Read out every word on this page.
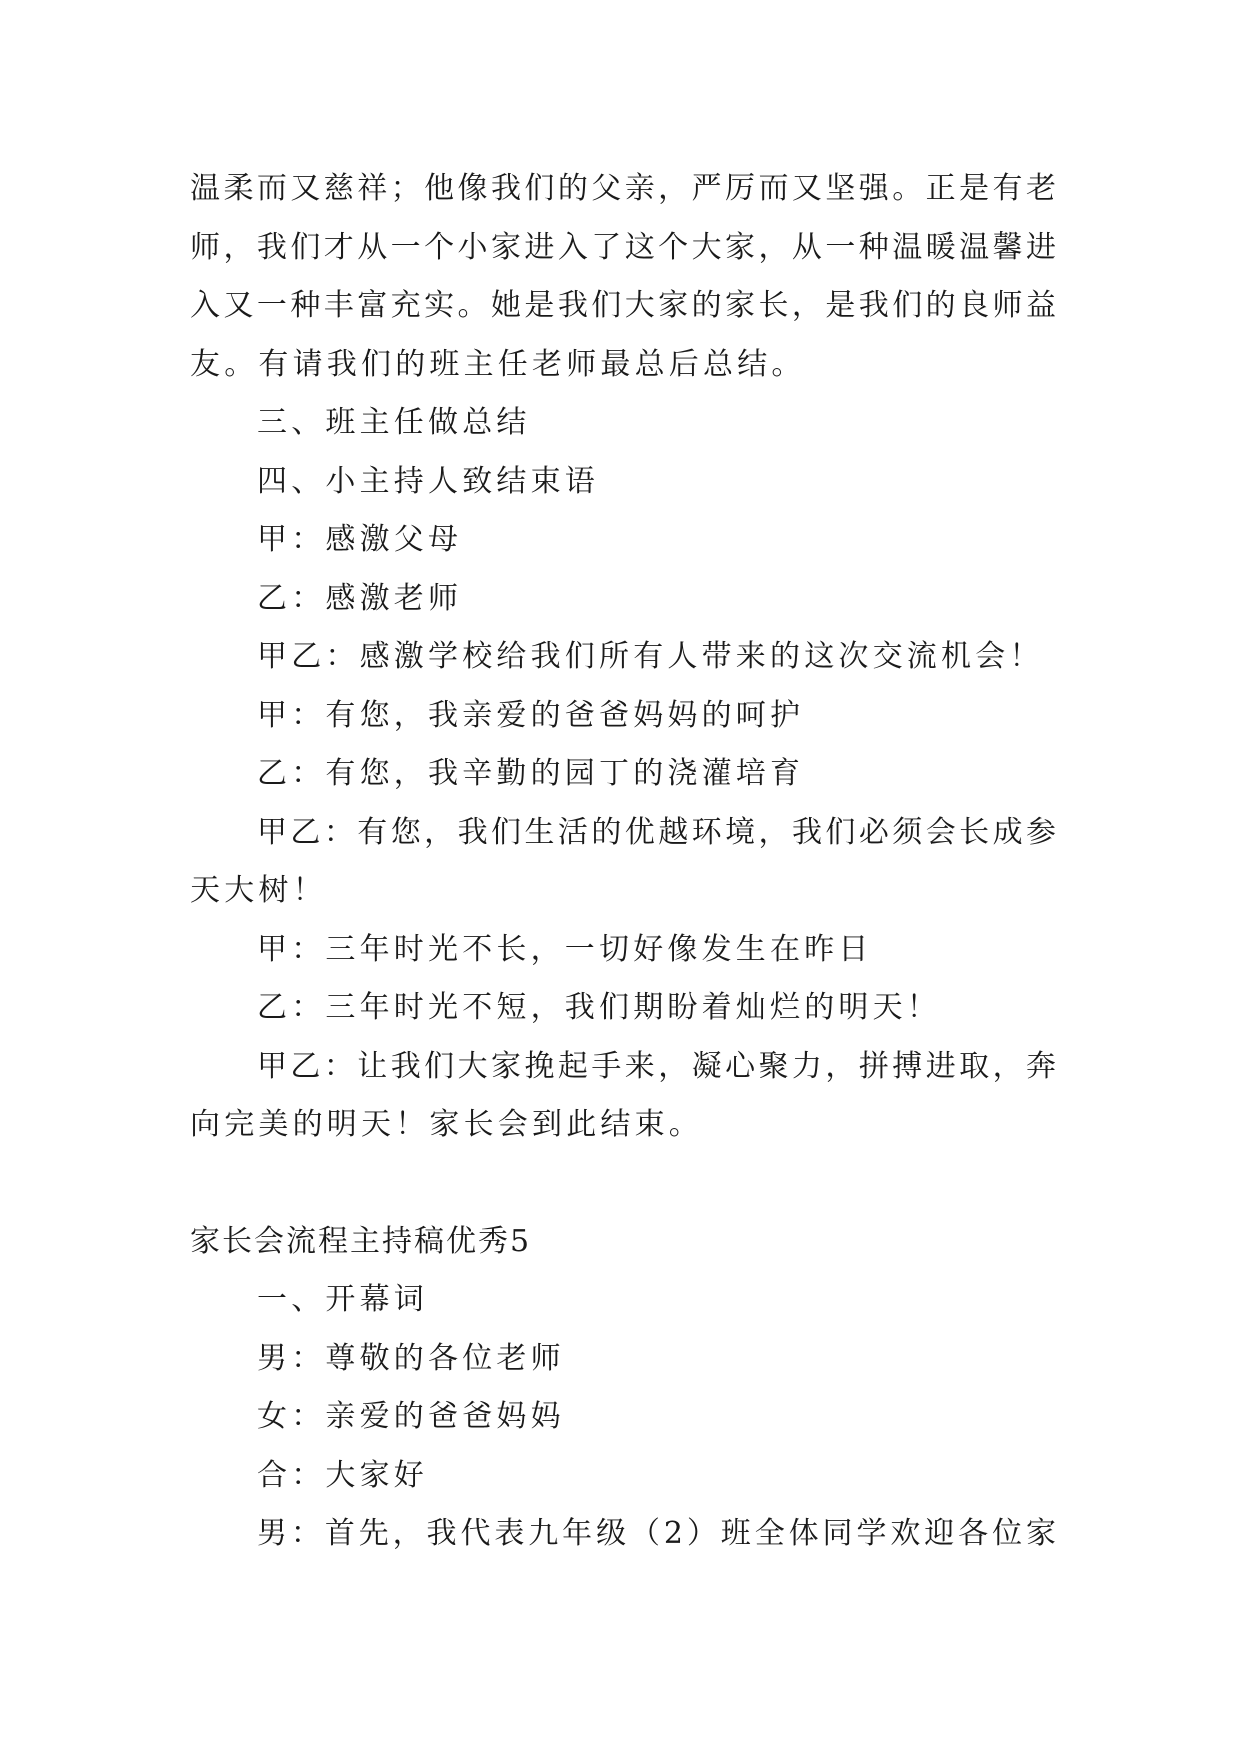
温柔而又慈祥；他像我们的父亲，严厉而又坚强。正是有老
师，我们才从一个小家进入了这个大家，从一种温暖温馨进
入又一种丰富充实。她是我们大家的家长，是我们的良师益
友。有请我们的班主任老师最总后总结。
三、班主任做总结
四、小主持人致结束语
甲：感激父母
乙：感激老师
甲乙：感激学校给我们所有人带来的这次交流机会！
甲：有您，我亲爱的爸爸妈妈的呵护
乙：有您，我辛勤的园丁的浇灌培育
甲乙：有您，我们生活的优越环境，我们必须会长成参
天大树！
甲：三年时光不长，一切好像发生在昨日
乙：三年时光不短，我们期盼着灿烂的明天！
甲乙：让我们大家挽起手来，凝心聚力，拼搏进取，奔
向完美的明天！家长会到此结束。
家长会流程主持稿优秀5
一、开幕词
男：尊敬的各位老师
女：亲爱的爸爸妈妈
合：大家好
男：首先，我代表九年级（2）班全体同学欢迎各位家
